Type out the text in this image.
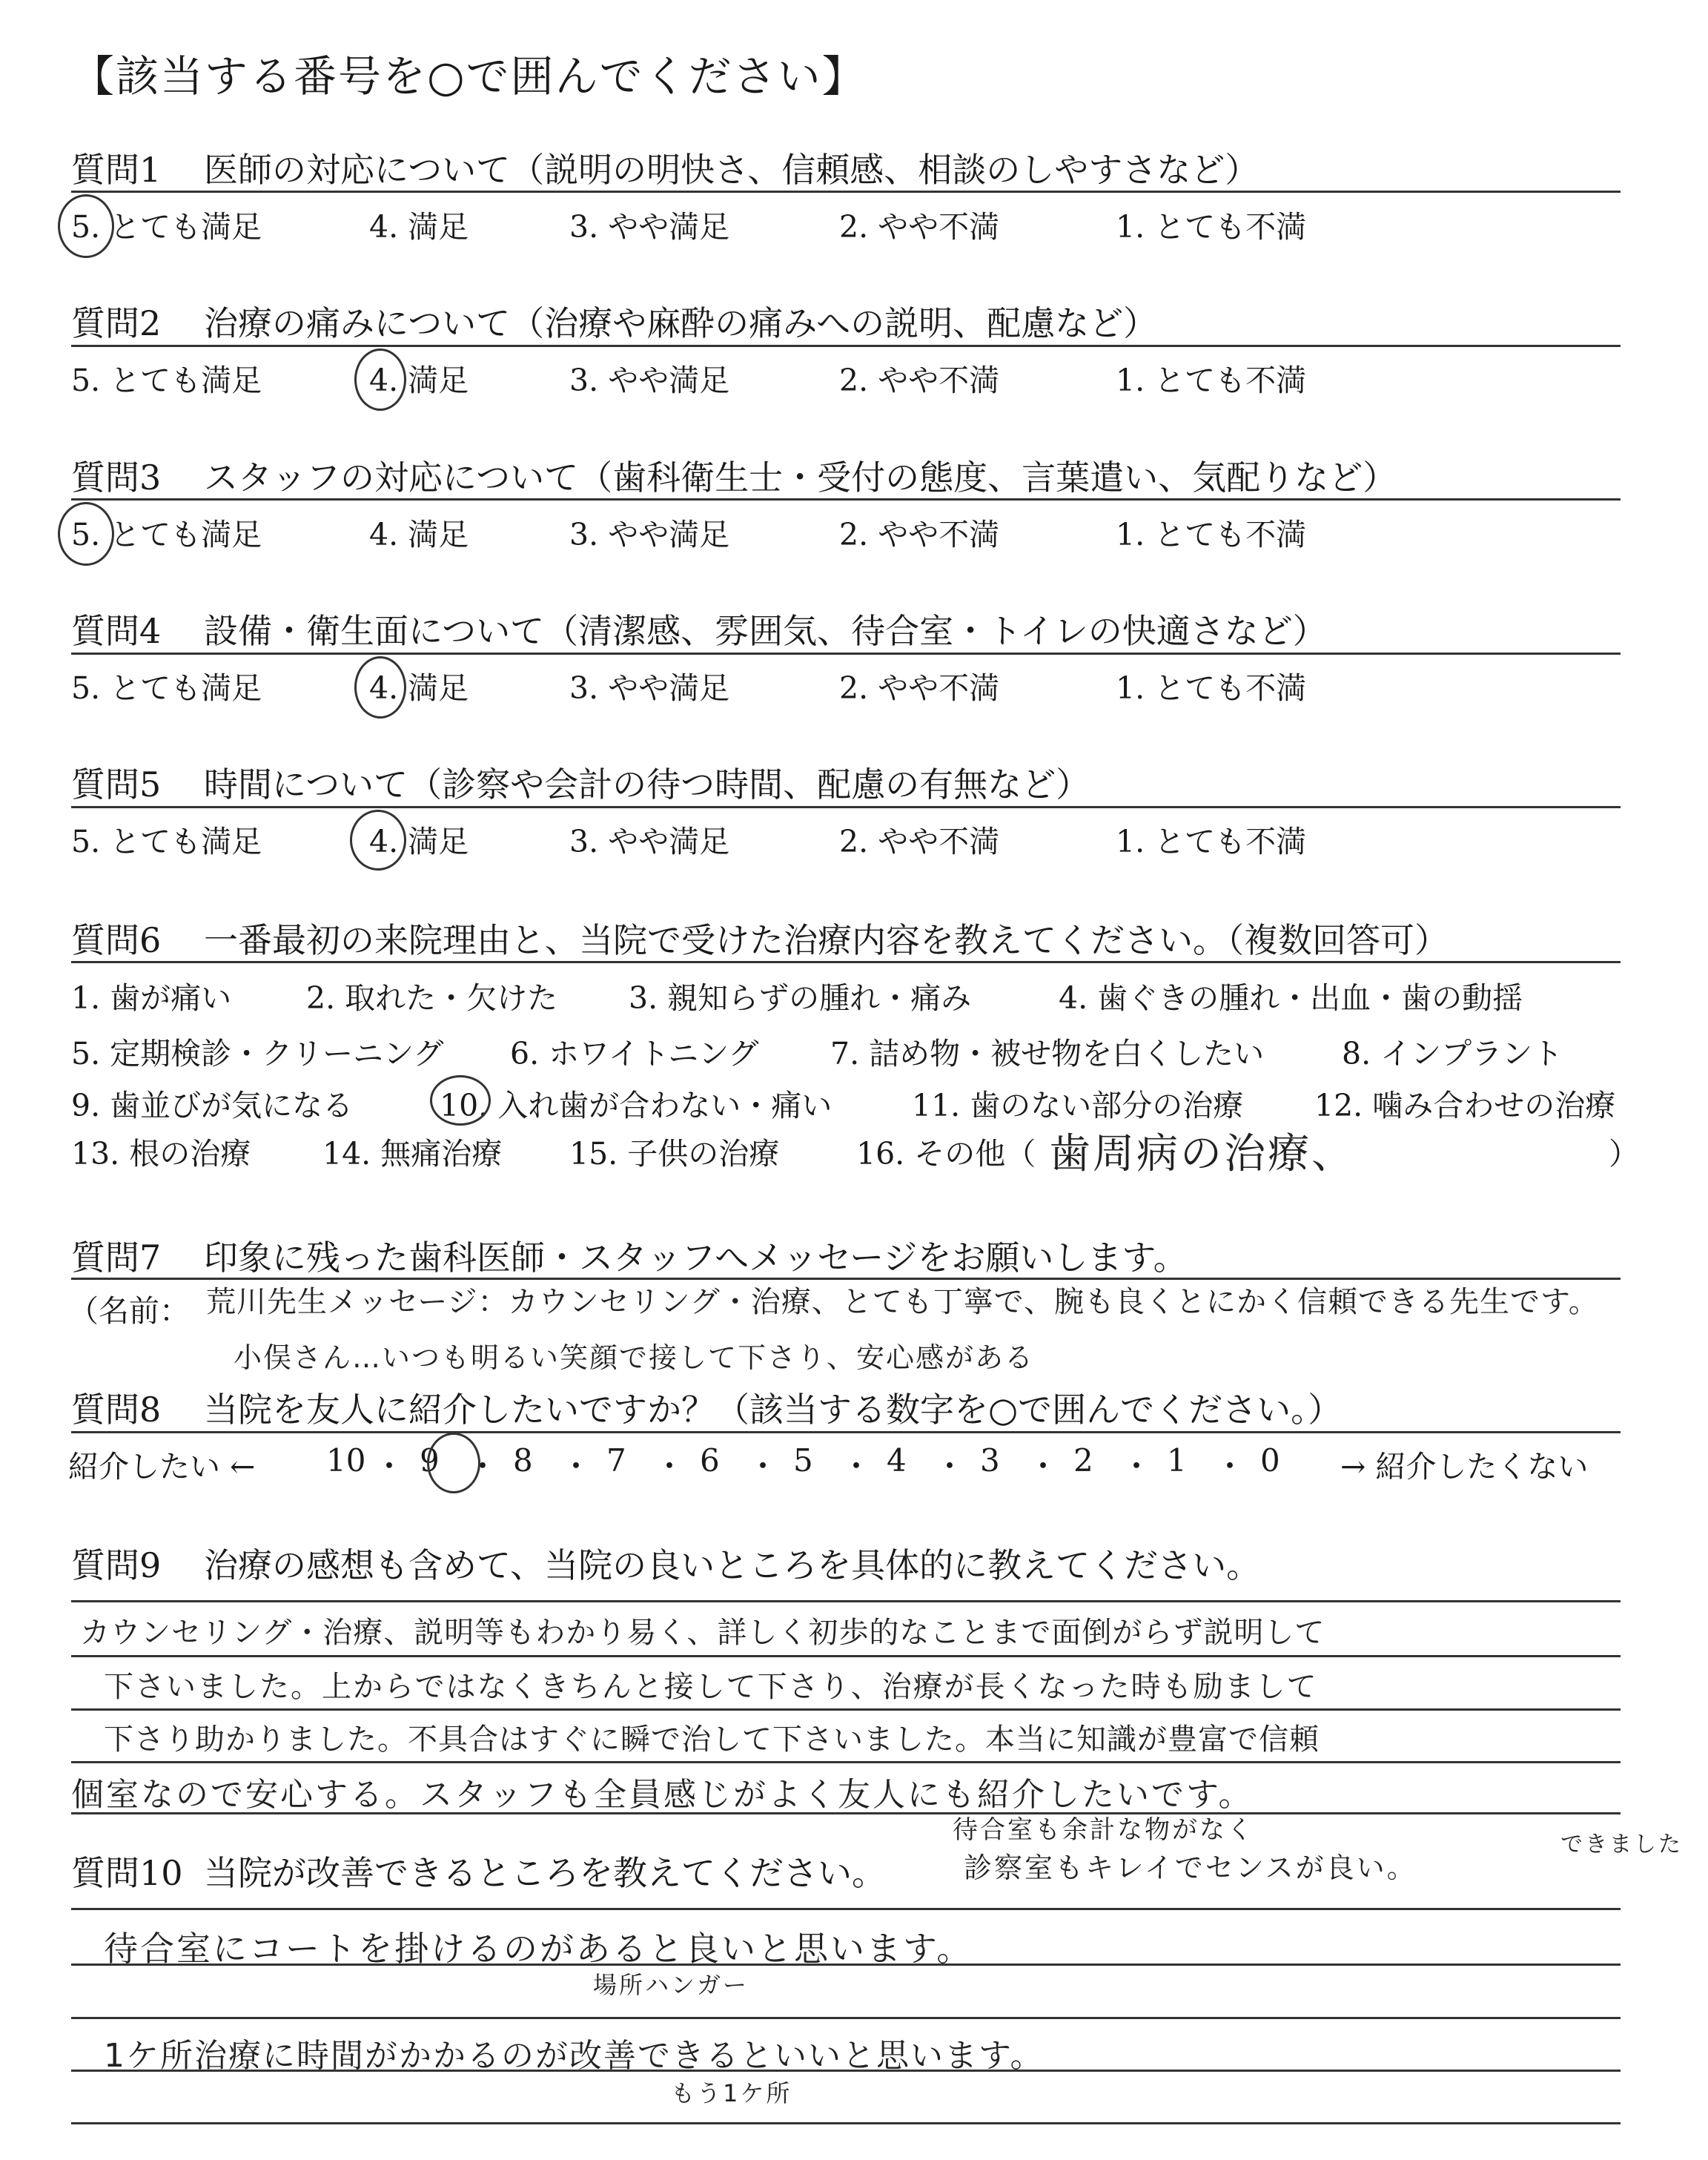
【該当する番号を○で囲んでください】
質問1 医師の対応について（説明の明快さ、信頼感、相談のしやすさなど）
5. とても満足	4. 満足	3. やや満足	2. やや不満	1. とても不満
質問2 治療の痛みについて（治療や麻酔の痛みへの説明、配慮など）
5. とても満足	4. 満足	3. やや満足	2. やや不満	1. とても不満
質問3 スタッフの対応について（歯科衛生士・受付の態度、言葉遣い、気配りなど）
5. とても満足	4. 満足	3. やや満足	2. やや不満	1. とても不満
質問4 設備・衛生面について（清潔感、雰囲気、待合室・トイレの快適さなど）
5. とても満足	4. 満足	3. やや満足	2. やや不満	1. とても不満
質問5 時間について（診察や会計の待つ時間、配慮の有無など）
5. とても満足	4. 満足	3. やや満足	2. やや不満	1. とても不満
質問6 一番最初の来院理由と、当院で受けた治療内容を教えてください。（複数回答可）
1. 歯が痛い 2. 取れた・欠けた 3. 親知らずの腫れ・痛み	4. 歯ぐきの腫れ・出血・歯の動揺
5. 定期検診・クリーニング 6. ホワイトニング 7. 詰め物・被せ物を白くしたい	8. インプラント
9. 歯並びが気になる	10. 入れ歯が合わない・痛い	11. 歯のない部分の治療 12. 噛み合わせの治療
13. 根の治療 14. 無痛治療 15. 子供の治療	16. その他（ 歯周病の治療、	）
質問7 印象に残った歯科医師・スタッフへメッセージをお願いします。
（名前： 荒川先生メッセージ：カウンセリング・治療、とても丁寧で、腕も良くとにかく信頼できる先生です。
小俣さん…いつも明るい笑顔で接して下さり、安心感がある
質問8 当院を友人に紹介したいですか？（該当する数字を○で囲んでください。）
紹介したい ←	→ 紹介したくない
10 ・ 9 ・ 8 ・ 7 ・ 6 ・ 5 ・ 4 ・ 3 ・ 2 ・ 1 ・ 0
質問9 治療の感想も含めて、当院の良いところを具体的に教えてください。
カウンセリング・治療、説明等もわかり易く、詳しく初歩的なことまで面倒がらず説明して
下さいました。上からではなくきちんと接して下さり、治療が長くなった時も励まして
下さり助かりました。不具合はすぐに瞬で治して下さいました。本当に知識が豊富で信頼
個室なので安心する。スタッフも全員感じがよく友人にも紹介したいです。
できました
待合室も余計な物がなく
診察室もキレイでセンスが良い。
質問10 当院が改善できるところを教えてください。
待合室にコートを掛けるのがあると良いと思います。
場所ハンガー
1ケ所治療に時間がかかるのが改善できるといいと思います。
もう1ケ所
